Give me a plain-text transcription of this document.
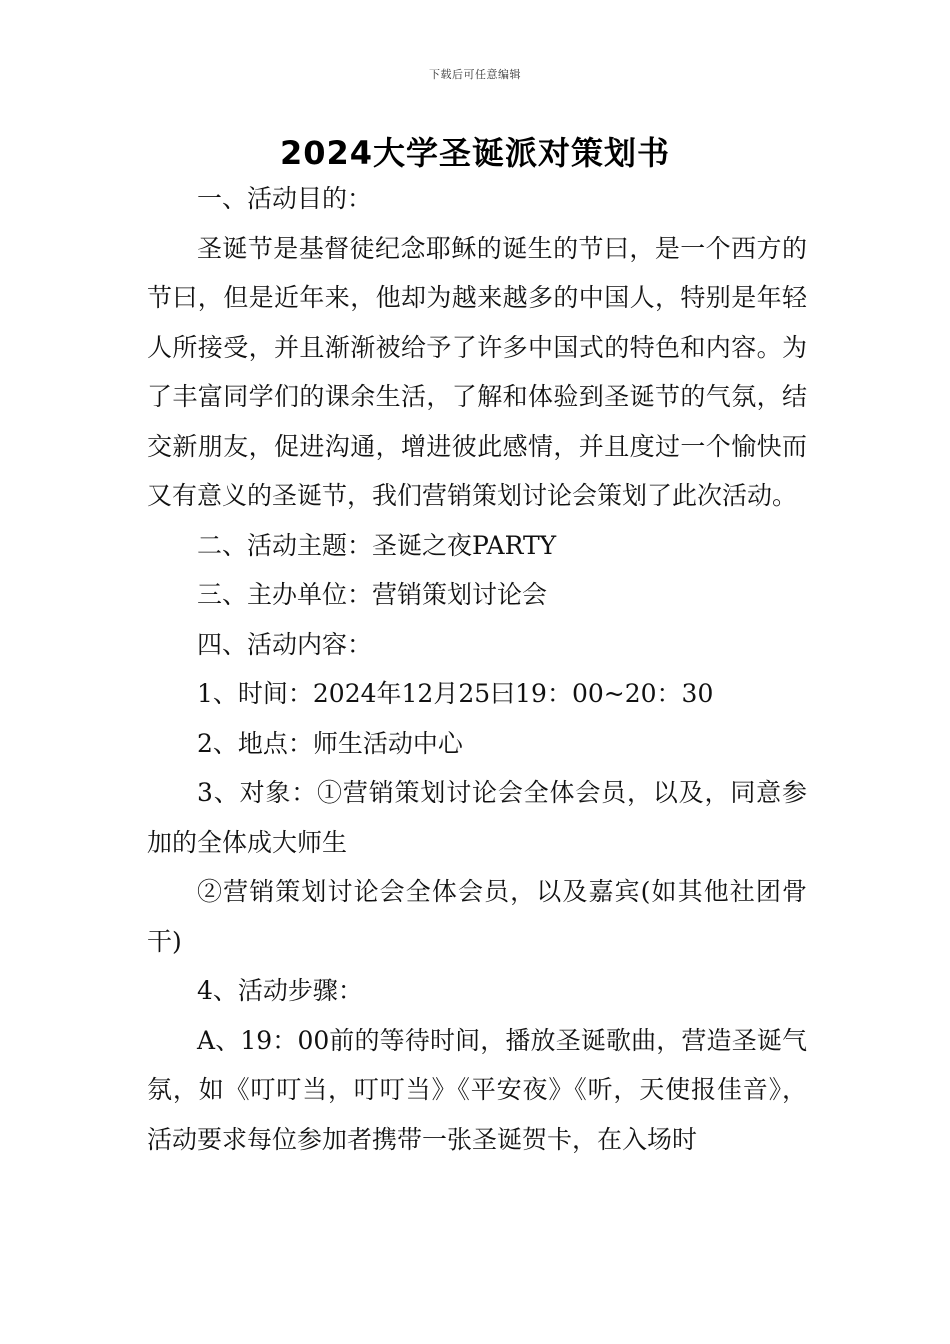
下载后可任意编辑
2024大学圣诞派对策划书

一、活动目的：

圣诞节是基督徒纪念耶稣的诞生的节曰，是一个西方的节曰，但是近年来，他却为越来越多的中国人，特别是年轻人所接受，并且渐渐被给予了许多中国式的特色和内容。为了丰富同学们的课余生活，了解和体验到圣诞节的气氛，结交新朋友，促进沟通，增进彼此感情，并且度过一个愉快而又有意义的圣诞节，我们营销策划讨论会策划了此次活动。

二、活动主题：圣诞之夜PARTY

三、主办单位：营销策划讨论会

四、活动内容：

1、时间：2024年12月25曰19：00~20：30

2、地点：师生活动中心

3、对象：①营销策划讨论会全体会员，以及，同意参加的全体成大师生

②营销策划讨论会全体会员，以及嘉宾(如其他社团骨干)

4、活动步骤：

A、19：00前的等待时间，播放圣诞歌曲，营造圣诞气氛，如《叮叮当，叮叮当》《平安夜》《听，天使报佳音》，活动要求每位参加者携带一张圣诞贺卡，在入场时
